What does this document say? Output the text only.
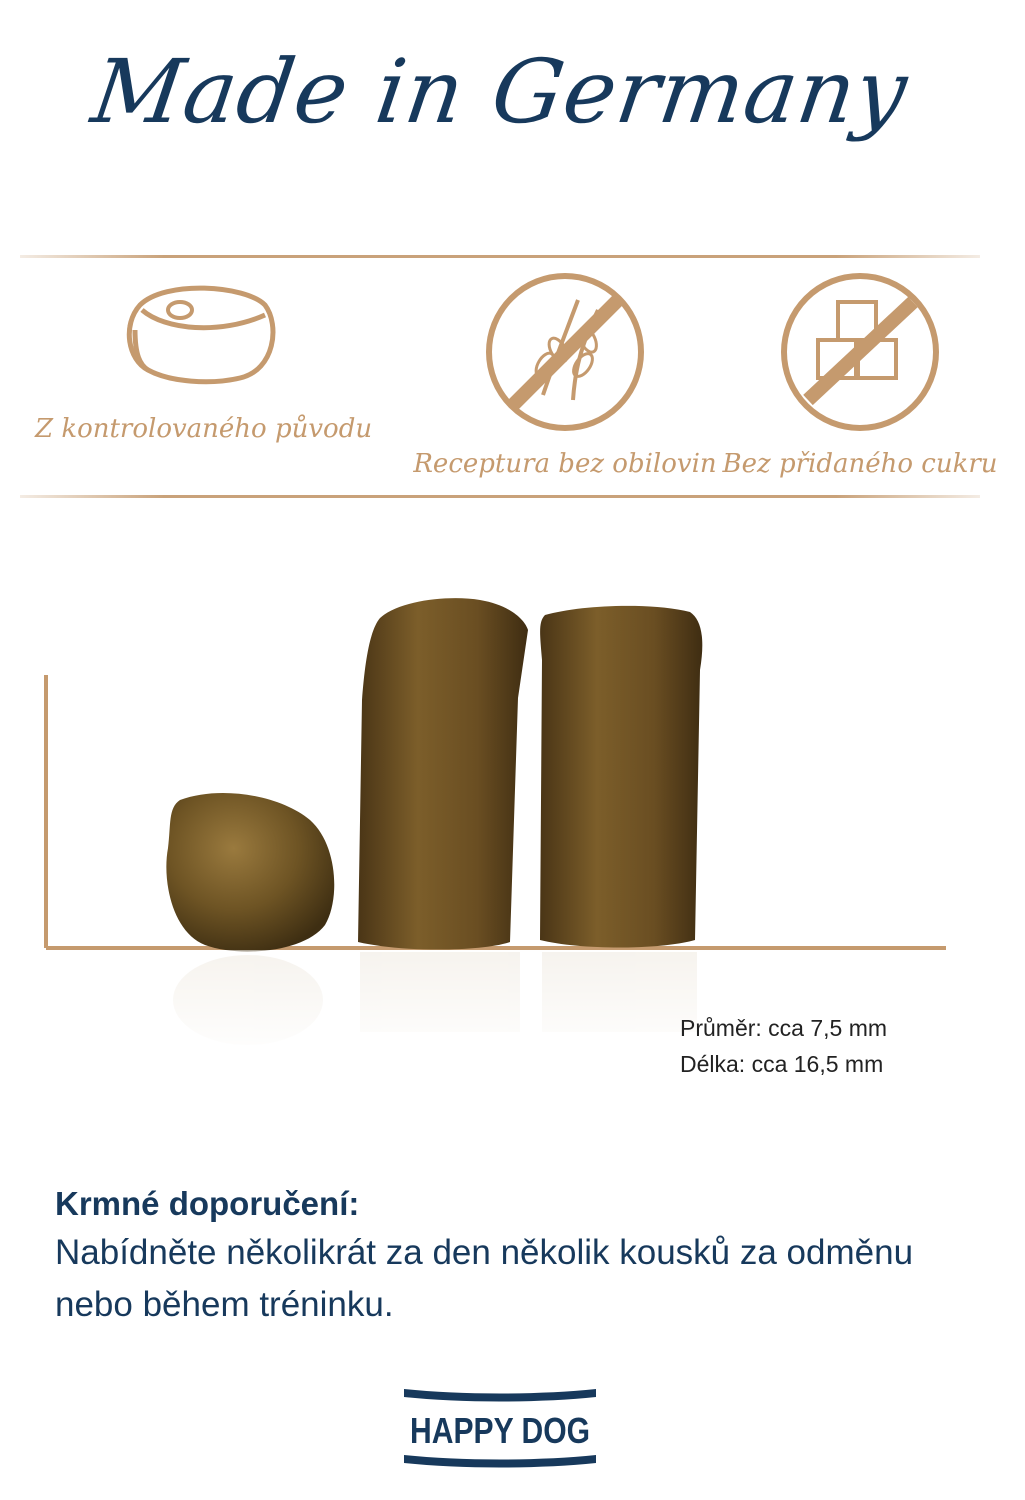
Made in Germany
Z kontrolovaného původu
Receptura bez obilovin Bez přidaného cukru
Průměr: cca 7,5 mm
Délka: cca 16,5 mm
Krmné doporučení:
Nabídněte několikrát za den několik kousků za odměnu nebo během tréninku.
HAPPY DOG
